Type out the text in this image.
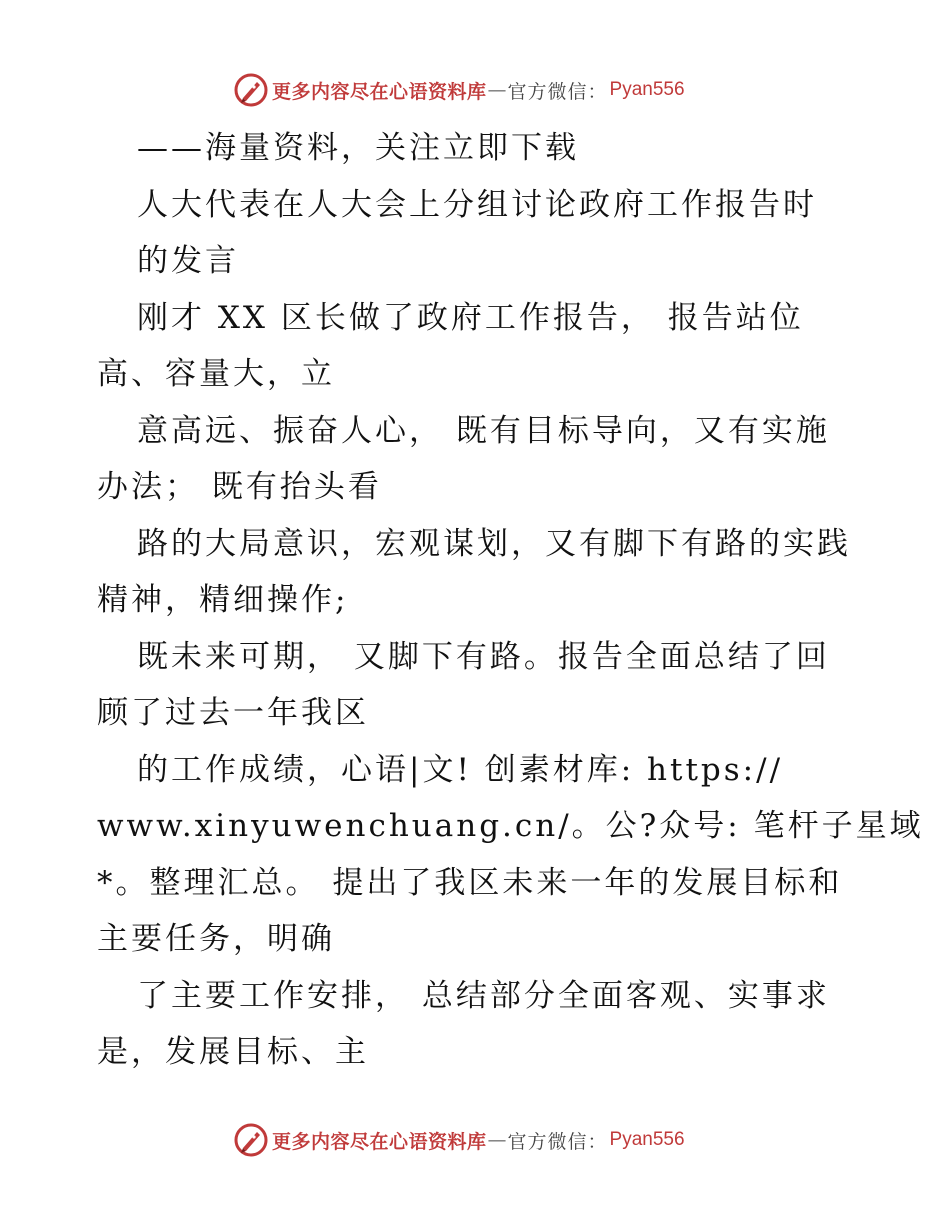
更多内容尽在心语资料库 — 官方微信： Pyan556
——海量资料，关注立即下载
人大代表在人大会上分组讨论政府工作报告时
的发言
刚才 XX 区长做了政府工作报告， 报告站位
高、容量大，立
意高远、振奋人心， 既有目标导向，又有实施
办法； 既有抬头看
路的大局意识，宏观谋划，又有脚下有路的实践
精神，精细操作;
既未来可期， 又脚下有路。报告全面总结了回
顾了过去一年我区
的工作成绩，心语|文! 创素材库: https://
www.xinyuwenchuang.cn/。公?众号: 笔杆子星域
*。整理汇总。 提出了我区未来一年的发展目标和
主要任务，明确
了主要工作安排， 总结部分全面客观、实事求
是，发展目标、主
更多内容尽在心语资料库 — 官方微信： Pyan556
